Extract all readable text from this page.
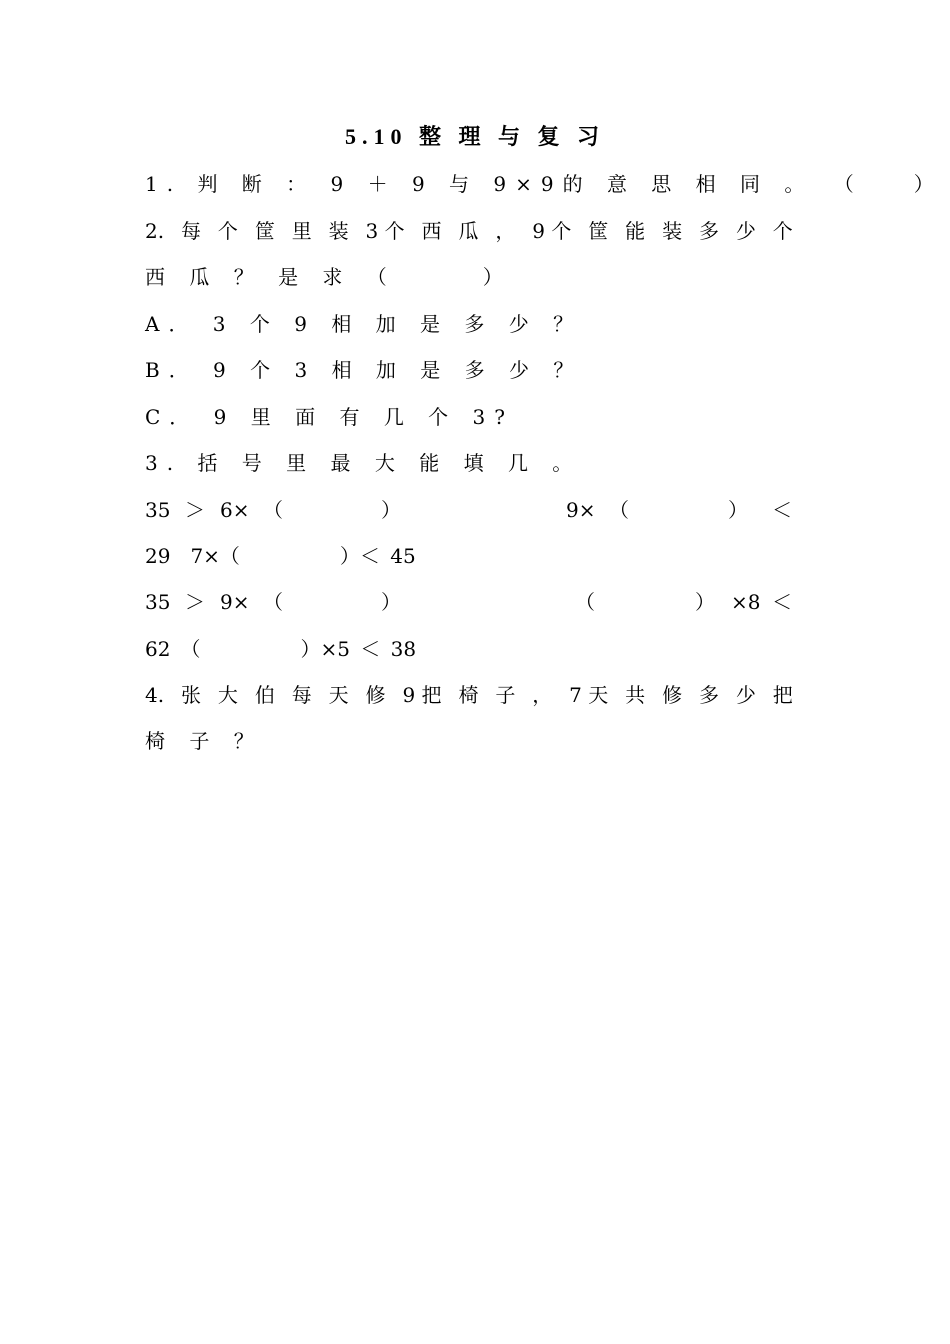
5.10 整 理 与 复 习
1. 判 断 ： 9 ＋ 9 与 9×9的 意 思 相 同 。 （　　　）
2. 每 个 筐 里 装 3 个 西 瓜 ， 9 个 筐 能 装 多 少 个
西 瓜 ？ 是 求 （　　　）
A． 3 个 9 相 加 是 多 少 ？
B． 9 个 3 相 加 是 多 少 ？
C． 9 里 面 有 几 个 3?
3. 括 号 里 最 大 能 填 几 。
35 ＞ 6× （	）	9× （	） ＜
29　7×（　　　　　）＜ 45
35 ＞ 9× （	）	（	） ×8 ＜
62　（　　　　　）×5 ＜ 38
4. 张 大 伯 每 天 修 9 把 椅 子 ， 7 天 共 修 多 少 把
椅 子 ？
